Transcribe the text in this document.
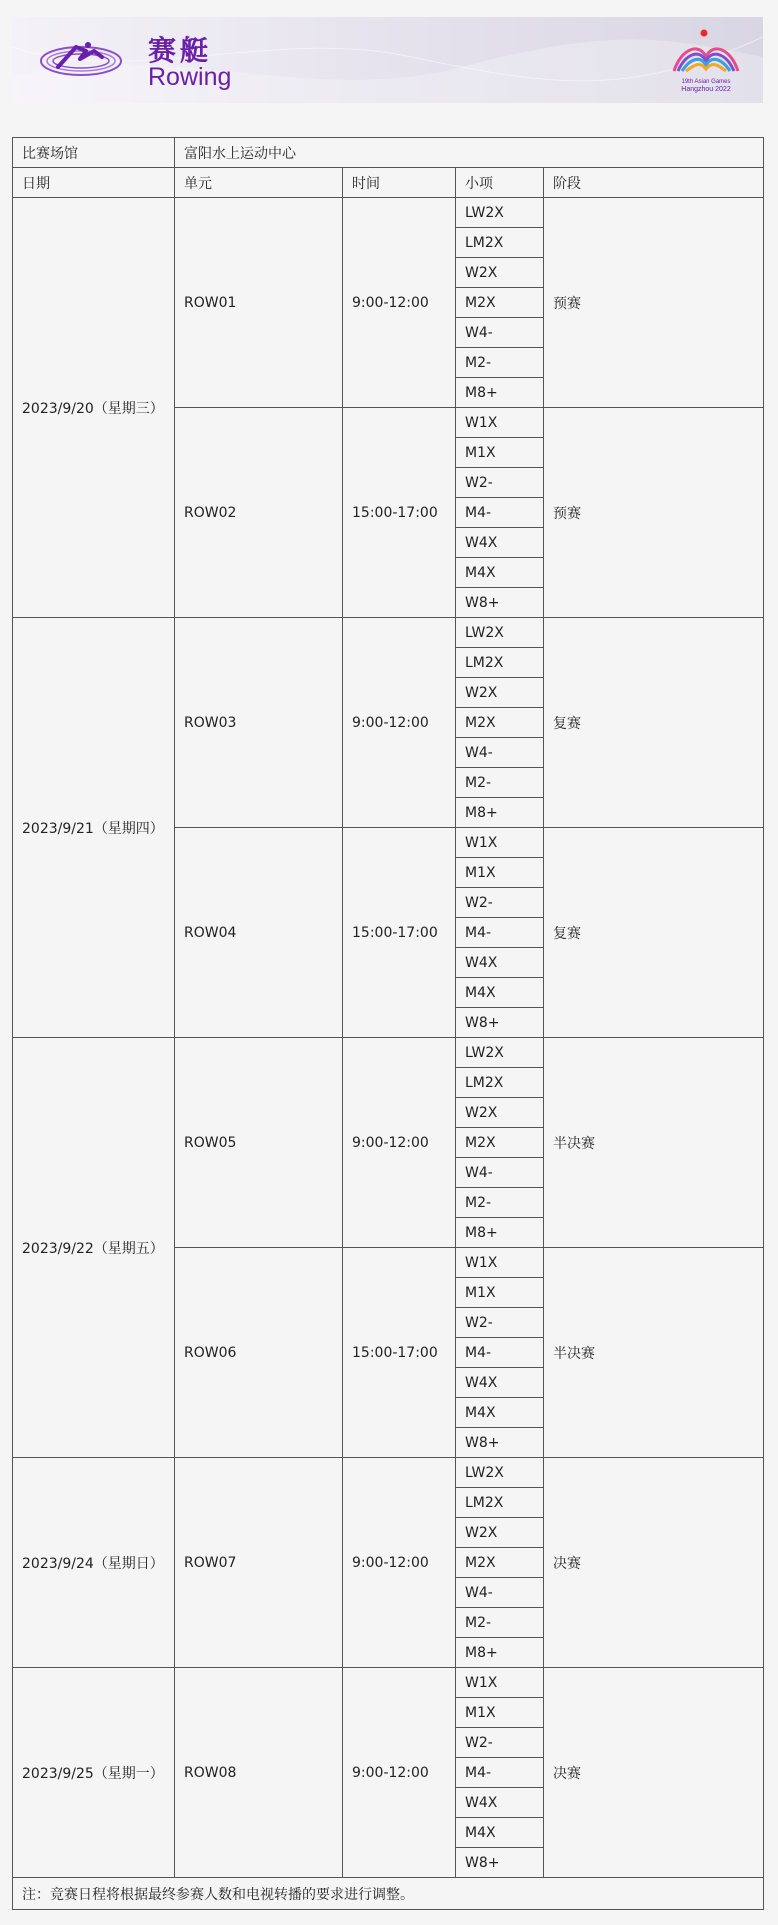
赛艇
Rowing	19th Asian Games
Hangzhou 2022
比赛场馆	富阳水上运动中心			
日期	单元	时间	小项	阶段
2023/9/20（星期三）	ROW01	9:00-12:00	LW2X	预赛
			LM2X	
			W2X	
			M2X	
			W4-	
			M2-	
			M8+	
	ROW02	15:00-17:00	W1X	预赛
			M1X	
			W2-	
			M4-	
			W4X	
			M4X	
			W8+	
2023/9/21（星期四）	ROW03	9:00-12:00	LW2X	复赛
			LM2X	
			W2X	
			M2X	
			W4-	
			M2-	
			M8+	
	ROW04	15:00-17:00	W1X	复赛
			M1X	
			W2-	
			M4-	
			W4X	
			M4X	
			W8+	
2023/9/22（星期五）	ROW05	9:00-12:00	LW2X	半决赛
			LM2X	
			W2X	
			M2X	
			W4-	
			M2-	
			M8+	
	ROW06	15:00-17:00	W1X	半决赛
			M1X	
			W2-	
			M4-	
			W4X	
			M4X	
			W8+	
2023/9/24（星期日）	ROW07	9:00-12:00	LW2X	决赛
			LM2X	
			W2X	
			M2X	
			W4-	
			M2-	
			M8+	
2023/9/25（星期一）	ROW08	9:00-12:00	W1X	决赛
			M1X	
			W2-	
			M4-	
			W4X	
			M4X	
			W8+	
注：竞赛日程将根据最终参赛人数和电视转播的要求进行调整。				
